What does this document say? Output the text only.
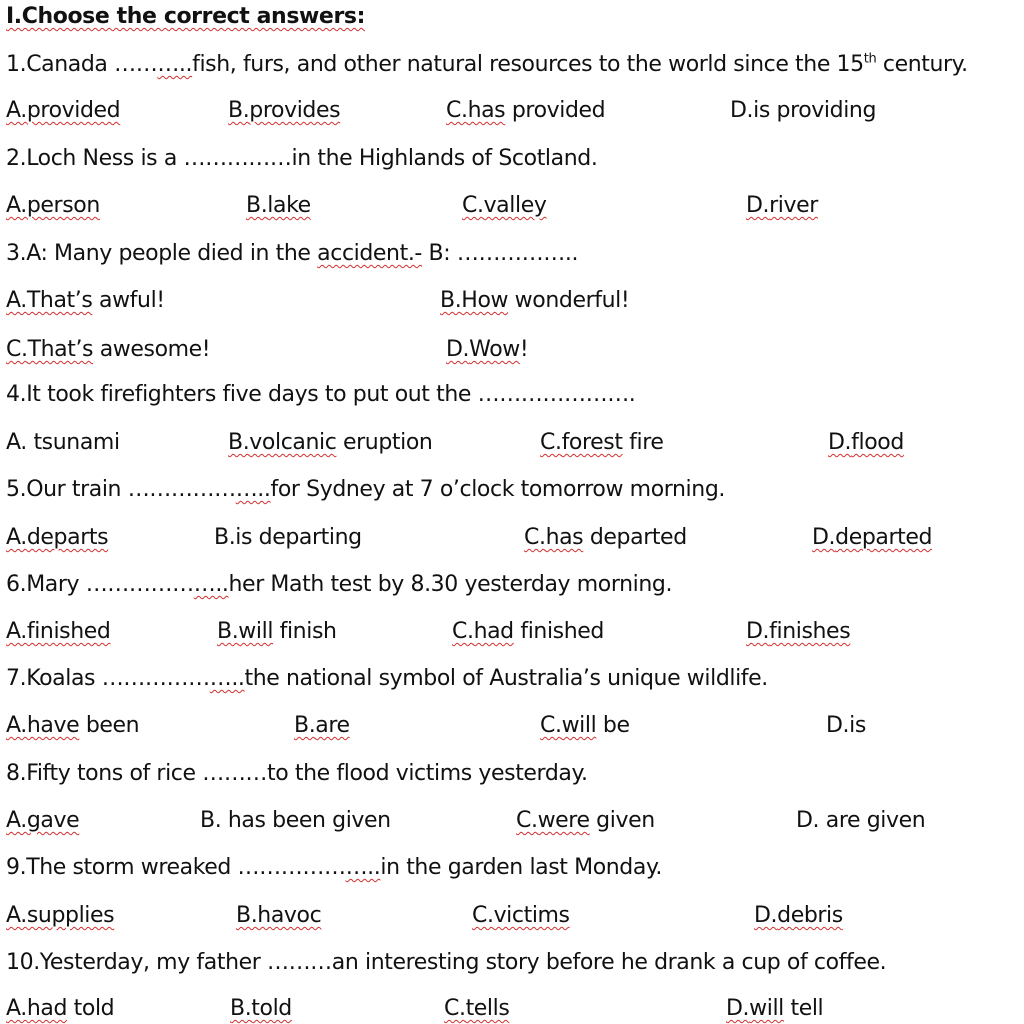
I.Choose the correct answers:
1.Canada ………..fish, furs, and other natural resources to the world since the 15th century.
A.provided	B.provides	C.has provided	D.is providing
2.Loch Ness is a ……………in the Highlands of Scotland.
A.person	B.lake	C.valley	D.river
3.A: Many people died in the accident.- B: ……………..
A.That’s awful!	B.How wonderful!
C.That’s awesome!	D.Wow!
4.It took firefighters five days to put out the ………………….
A. tsunami	B.volcanic eruption	C.forest fire	D.flood
5.Our train ………………..for Sydney at 7 o’clock tomorrow morning.
A.departs	B.is departing	C.has departed	D.departed
6.Mary ………………..her Math test by 8.30 yesterday morning.
A.finished	B.will finish	C.had finished	D.finishes
7.Koalas ………………..the national symbol of Australia’s unique wildlife.
A.have been	B.are	C.will be	D.is
8.Fifty tons of rice ………to the flood victims yesterday.
A.gave	B. has been given	C.were given	D. are given
9.The storm wreaked ………………..in the garden last Monday.
A.supplies	B.havoc	C.victims	D.debris
10.Yesterday, my father ………an interesting story before he drank a cup of coffee.
A.had told	B.told	C.tells	D.will tell
